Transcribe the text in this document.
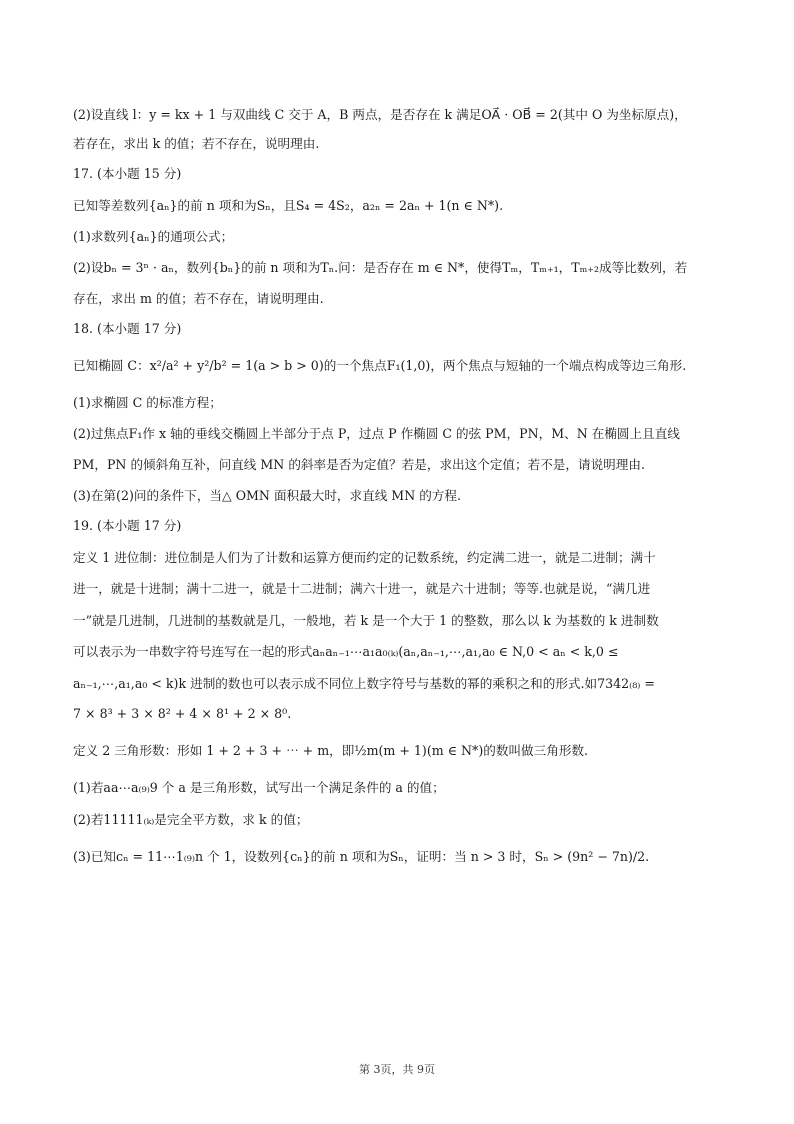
(2)设直线 l：y = kx + 1 与双曲线 C 交于 A，B 两点，是否存在 k 满足OA⃗ · OB⃗ = 2(其中 O 为坐标原点)，
若存在，求出 k 的值；若不存在，说明理由.
17. (本小题 15 分)
已知等差数列{aₙ}的前 n 项和为Sₙ，且S₄ = 4S₂，a₂ₙ = 2aₙ + 1(n ∈ N*).
(1)求数列{aₙ}的通项公式；
(2)设bₙ = 3ⁿ · aₙ，数列{bₙ}的前 n 项和为Tₙ.问：是否存在 m ∈ N*，使得Tₘ，Tₘ₊₁，Tₘ₊₂成等比数列，若
存在，求出 m 的值；若不存在，请说明理由.
18. (本小题 17 分)
已知椭圆 C：x²/a² + y²/b² = 1(a > b > 0)的一个焦点F₁(1,0)，两个焦点与短轴的一个端点构成等边三角形.
(1)求椭圆 C 的标准方程；
(2)过焦点F₁作 x 轴的垂线交椭圆上半部分于点 P，过点 P 作椭圆 C 的弦 PM，PN，M、N 在椭圆上且直线
PM，PN 的倾斜角互补，问直线 MN 的斜率是否为定值？若是，求出这个定值；若不是，请说明理由.
(3)在第(2)问的条件下，当△ OMN 面积最大时，求直线 MN 的方程.
19. (本小题 17 分)
定义 1 进位制：进位制是人们为了计数和运算方便而约定的记数系统，约定满二进一，就是二进制；满十
进一，就是十进制；满十二进一，就是十二进制；满六十进一，就是六十进制；等等.也就是说，“满几进
一”就是几进制，几进制的基数就是几，一般地，若 k 是一个大于 1 的整数，那么以 k 为基数的 k 进制数
可以表示为一串数字符号连写在一起的形式aₙaₙ₋₁⋯a₁a₀₍ₖ₎(aₙ,aₙ₋₁,⋯,a₁,a₀ ∈ N,0 < aₙ < k,0 ≤
aₙ₋₁,⋯,a₁,a₀ < k)k 进制的数也可以表示成不同位上数字符号与基数的幂的乘积之和的形式.如7342₍₈₎ =
7 × 8³ + 3 × 8² + 4 × 8¹ + 2 × 8⁰.
定义 2 三角形数：形如 1 + 2 + 3 + ⋯ + m，即½m(m + 1)(m ∈ N*)的数叫做三角形数.
(1)若aa⋯a₍₉₎9 个 a 是三角形数，试写出一个满足条件的 a 的值；
(2)若11111₍ₖ₎是完全平方数，求 k 的值；
(3)已知cₙ = 11⋯1₍₉₎n 个 1，设数列{cₙ}的前 n 项和为Sₙ，证明：当 n > 3 时，Sₙ > (9n² − 7n)/2.
第 3页，共 9页
